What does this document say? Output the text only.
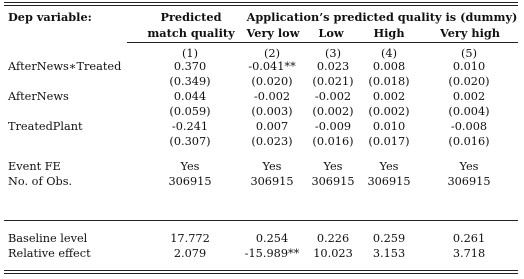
Dep variable:	Predicted
match quality
Application’s predicted quality is (dummy)
Very low	Low	High	Very high
(1)	(2)	(3)	(4)	(5)
AfterNews∗Treated	0.370	-0.041** 0.023 0.008	0.010
(0.349)	(0.020) (0.021) (0.018)	(0.020)
AfterNews	0.044	-0.002 -0.002 0.002	0.002
(0.059)	(0.003) (0.002) (0.002)	(0.004)
TreatedPlant	-0.241	0.007 -0.009 0.010	-0.008
(0.307)	(0.023) (0.016) (0.017)	(0.016)
Event FE	Yes	Yes	Yes	Yes	Yes
No. of Obs.	306915	306915 306915 306915	306915
Baseline level	17.772	0.254	0.226 0.259	0.261
Relative effect	2.079	-15.989** 10.023 3.153	3.718
